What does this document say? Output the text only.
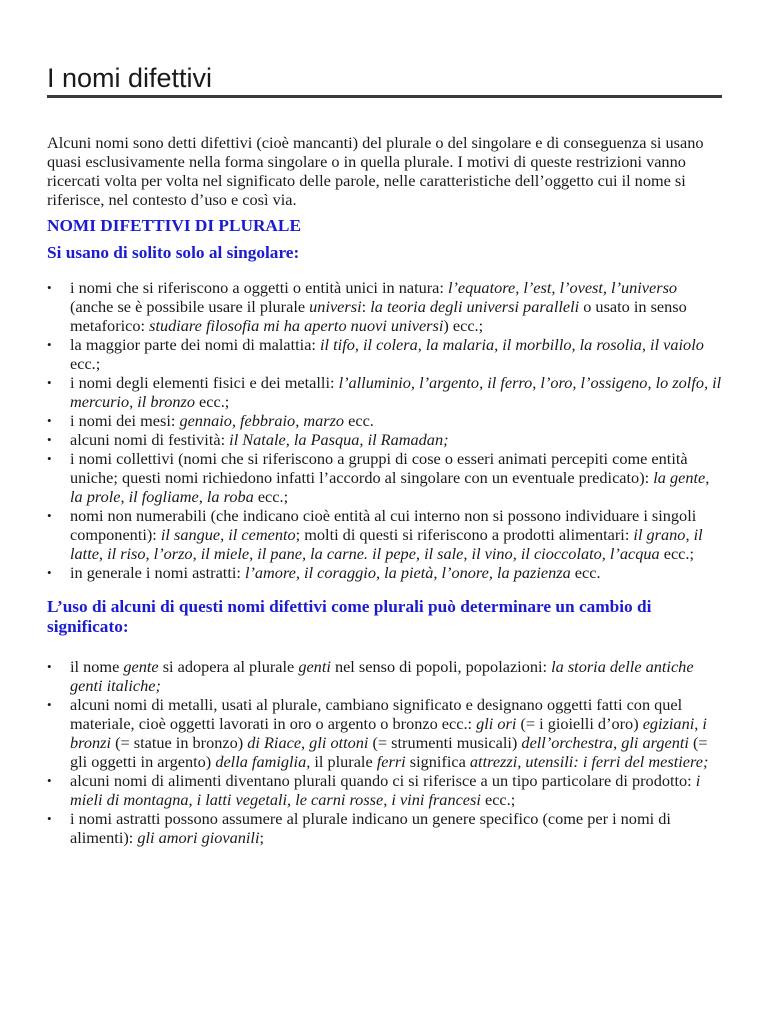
I nomi difettivi

Alcuni nomi sono detti difettivi (cioè mancanti) del plurale o del singolare e di conseguenza si usano quasi esclusivamente nella forma singolare o in quella plurale. I motivi di queste restrizioni vanno ricercati volta per volta nel significato delle parole, nelle caratteristiche dell’oggetto cui il nome si riferisce, nel contesto d’uso e così via.

NOMI DIFETTIVI DI PLURALE
Si usano di solito solo al singolare:
• i nomi che si riferiscono a oggetti o entità unici in natura: l’equatore, l’est, l’ovest, l’universo (anche se è possibile usare il plurale universi: la teoria degli universi paralleli o usato in senso metaforico: studiare filosofia mi ha aperto nuovi universi) ecc.;
• la maggior parte dei nomi di malattia: il tifo, il colera, la malaria, il morbillo, la rosolia, il vaiolo ecc.;
• i nomi degli elementi fisici e dei metalli: l’alluminio, l’argento, il ferro, l’oro, l’ossigeno, lo zolfo, il mercurio, il bronzo ecc.;
• i nomi dei mesi: gennaio, febbraio, marzo ecc.
• alcuni nomi di festività: il Natale, la Pasqua, il Ramadan;
• i nomi collettivi (nomi che si riferiscono a gruppi di cose o esseri animati percepiti come entità uniche; questi nomi richiedono infatti l’accordo al singolare con un eventuale predicato): la gente, la prole, il fogliame, la roba ecc.;
• nomi non numerabili (che indicano cioè entità al cui interno non si possono individuare i singoli componenti): il sangue, il cemento; molti di questi si riferiscono a prodotti alimentari: il grano, il latte, il riso, l’orzo, il miele, il pane, la carne. il pepe, il sale, il vino, il cioccolato, l’acqua ecc.;
• in generale i nomi astratti: l’amore, il coraggio, la pietà, l’onore, la pazienza ecc.
L’uso di alcuni di questi nomi difettivi come plurali può determinare un cambio di significato:
• il nome gente si adopera al plurale genti nel senso di popoli, popolazioni: la storia delle antiche genti italiche;
• alcuni nomi di metalli, usati al plurale, cambiano significato e designano oggetti fatti con quel materiale, cioè oggetti lavorati in oro o argento o bronzo ecc.: gli ori (= i gioielli d’oro) egiziani, i bronzi (= statue in bronzo) di Riace, gli ottoni (= strumenti musicali) dell’orchestra, gli argenti (= gli oggetti in argento) della famiglia, il plurale ferri significa attrezzi, utensili: i ferri del mestiere;
• alcuni nomi di alimenti diventano plurali quando ci si riferisce a un tipo particolare di prodotto: i mieli di montagna, i latti vegetali, le carni rosse, i vini francesi ecc.;
• i nomi astratti possono assumere al plurale indicano un genere specifico (come per i nomi di alimenti): gli amori giovanili;
